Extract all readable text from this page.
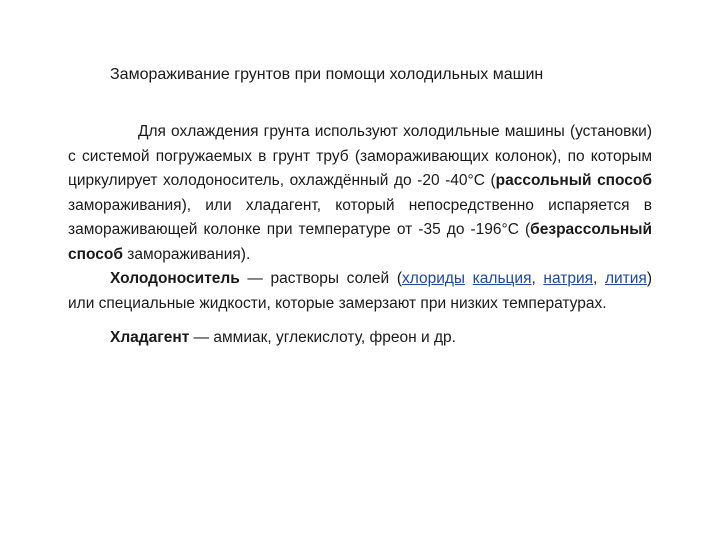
Замораживание грунтов при помощи холодильных машин

Для охлаждения грунта используют холодильные машины (установки) с системой погружаемых в грунт труб (замораживающих колонок), по которым циркулирует холодоноситель, охлаждённый до -20 -40°С (рассольный способ замораживания), или хладагент, который непосредственно испаряется в замораживающей колонке при температуре от -35 до -196°С (безрассольный способ замораживания).

Холодоноситель — растворы солей (хлориды кальция, натрия, лития) или специальные жидкости, которые замерзают при низких температурах.

Хладагент — аммиак, углекислоту, фреон и др.
